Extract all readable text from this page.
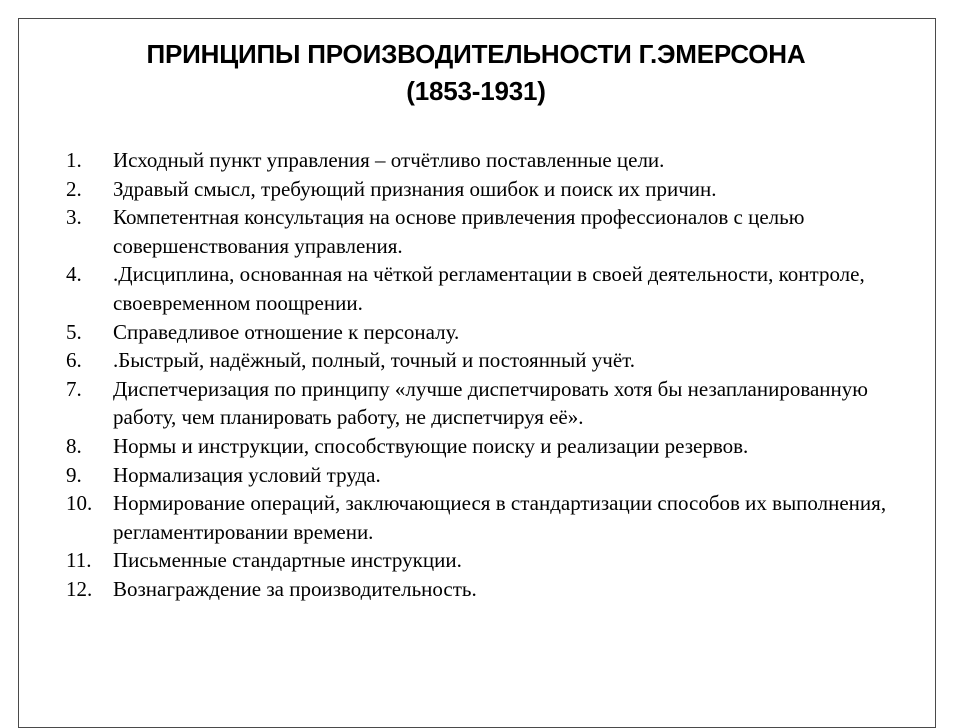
ПРИНЦИПЫ ПРОИЗВОДИТЕЛЬНОСТИ Г.ЭМЕРСОНА
(1853-1931)
1.	Исходный пункт управления – отчётливо поставленные цели.
2.	Здравый смысл, требующий признания ошибок и поиск их причин.
3.	Компетентная консультация на основе привлечения профессионалов с целью совершенствования управления.
4.	.Дисциплина, основанная на чёткой регламентации в своей деятельности, контроле, своевременном поощрении.
5.	Справедливое отношение к персоналу.
6.	.Быстрый, надёжный, полный, точный и постоянный учёт.
7.	Диспетчеризация по принципу «лучше диспетчировать хотя бы незапланированную работу, чем планировать работу, не диспетчируя её».
8.	Нормы и инструкции, способствующие поиску и реализации резервов.
9.	Нормализация условий труда.
10. Нормирование операций, заключающиеся в стандартизации способов их выполнения, регламентировании времени.
11.	Письменные стандартные инструкции.
12. Вознаграждение за производительность.
